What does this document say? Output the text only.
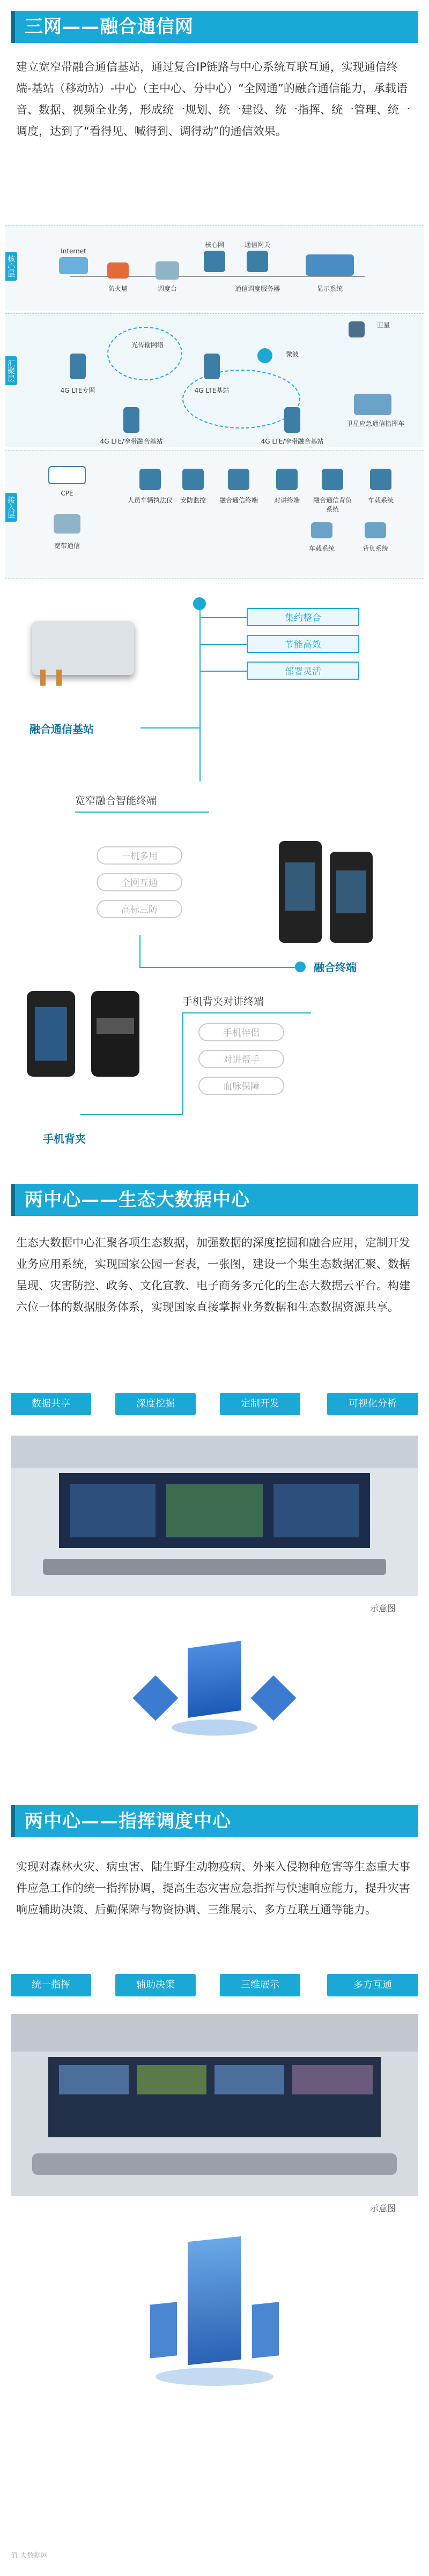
三网——融合通信网
建立宽窄带融合通信基站，通过复合IP链路与中心系统互联互通，实现通信终端-基站（移动站）-中心（主中心、分中心）“全网通”的融合通信能力，承载语音、数据、视频全业务，形成统一规划、统一建设、统一指挥、统一管理、统一调度，达到了“看得见、喊得到、调得动”的通信效果。
核心层
汇聚层
接入层
Internet
防火墙	调度台
核心网	通信网关
通信调度服务器	显示系统
光传输网络
4G LTE专网	4G LTE基站
微波
卫星
4G LTE/窄带融合基站	4G LTE/窄带融合基站
卫星应急通信指挥车
CPE
宽带通信
人员车辆执法仪	安防监控	融合通信终端	对讲终端	融合通信背负系统
车载系统
车载系统	背负系统
集约整合
节能高效
部署灵活
融合通信基站
宽窄融合智能终端
一机多用
全网互通
高标三防
融合终端
手机背夹对讲终端
手机伴侣
对讲帮手
血脉保障
手机背夹
两中心——生态大数据中心
生态大数据中心汇聚各项生态数据，加强数据的深度挖掘和融合应用，定制开发业务应用系统，实现国家公园一套表，一张图，建设一个集生态数据汇聚、数据呈现、灾害防控、政务、文化宣教、电子商务多元化的生态大数据云平台。构建六位一体的数据服务体系，实现国家直接掌握业务数据和生态数据资源共享。
数据共享	深度挖掘	定制开发	可视化分析
示意图
两中心——指挥调度中心
实现对森林火灾、病虫害、陆生野生动物疫病、外来入侵物种危害等生态重大事件应急工作的统一指挥协调，提高生态灾害应急指挥与快速响应能力，提升灾害响应辅助决策、后勤保障与物资协调、三维展示、多方互联互通等能力。
统一指挥	辅助决策	三维展示	多方互通
示意图
值 大数据网
